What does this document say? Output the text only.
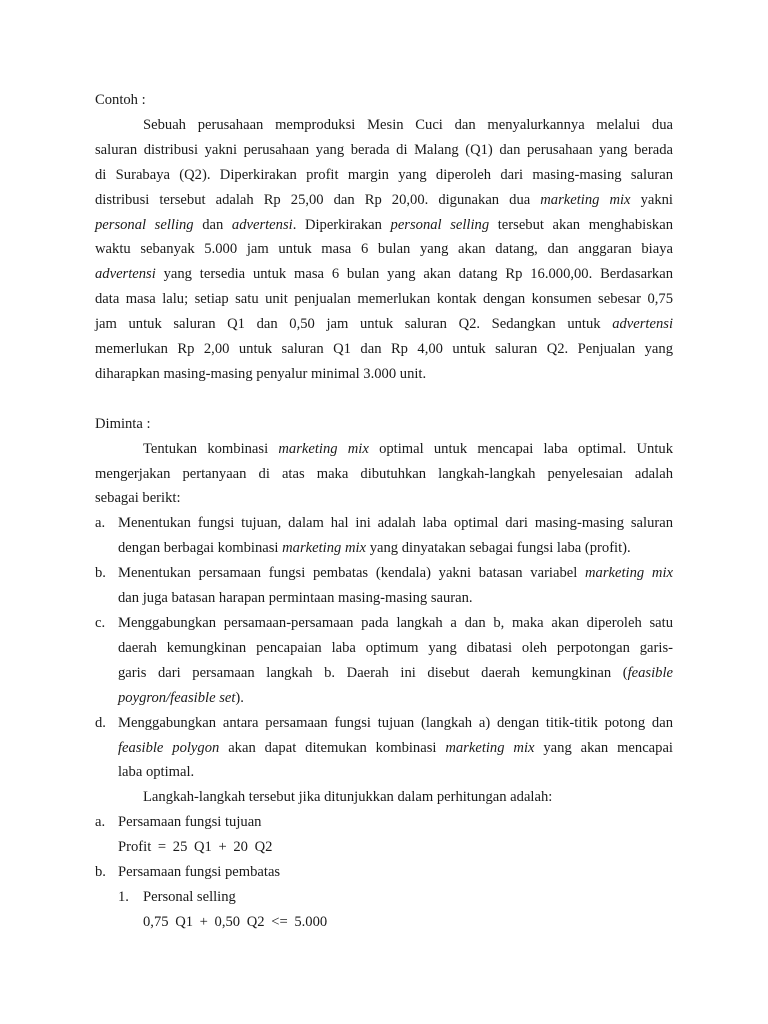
Contoh :
Sebuah perusahaan memproduksi Mesin Cuci dan menyalurkannya melalui dua
saluran distribusi yakni perusahaan yang berada di Malang (Q1) dan perusahaan yang berada
di Surabaya (Q2). Diperkirakan profit margin yang diperoleh dari masing-masing saluran
distribusi tersebut adalah Rp 25,00 dan Rp 20,00. digunakan dua marketing mix yakni
personal selling dan advertensi. Diperkirakan personal selling tersebut akan menghabiskan
waktu sebanyak 5.000 jam untuk masa 6 bulan yang akan datang, dan anggaran biaya
advertensi yang tersedia untuk masa 6 bulan yang akan datang Rp 16.000,00. Berdasarkan
data masa lalu; setiap satu unit penjualan memerlukan kontak dengan konsumen sebesar 0,75
jam untuk saluran Q1 dan 0,50 jam untuk saluran Q2. Sedangkan untuk advertensi
memerlukan Rp 2,00 untuk saluran Q1 dan Rp 4,00 untuk saluran Q2. Penjualan yang
diharapkan masing-masing penyalur minimal 3.000 unit.
Diminta :
Tentukan kombinasi marketing mix optimal untuk mencapai laba optimal. Untuk
mengerjakan pertanyaan di atas maka dibutuhkan langkah-langkah penyelesaian adalah
sebagai berikt:
a. Menentukan fungsi tujuan, dalam hal ini adalah laba optimal dari masing-masing saluran
dengan berbagai kombinasi marketing mix yang dinyatakan sebagai fungsi laba (profit).
b. Menentukan persamaan fungsi pembatas (kendala) yakni batasan variabel marketing mix
dan juga batasan harapan permintaan masing-masing sauran.
c. Menggabungkan persamaan-persamaan pada langkah a dan b, maka akan diperoleh satu
daerah kemungkinan pencapaian laba optimum yang dibatasi oleh perpotongan garis-
garis dari persamaan langkah b. Daerah ini disebut daerah kemungkinan (feasible
poygron/feasible set).
d. Menggabungkan antara persamaan fungsi tujuan (langkah a) dengan titik-titik potong dan
feasible polygon akan dapat ditemukan kombinasi marketing mix yang akan mencapai
laba optimal.
Langkah-langkah tersebut jika ditunjukkan dalam perhitungan adalah:
a. Persamaan fungsi tujuan
Profit = 25 Q1 + 20 Q2
b. Persamaan fungsi pembatas
1. Personal selling
0,75 Q1 + 0,50 Q2 <= 5.000
